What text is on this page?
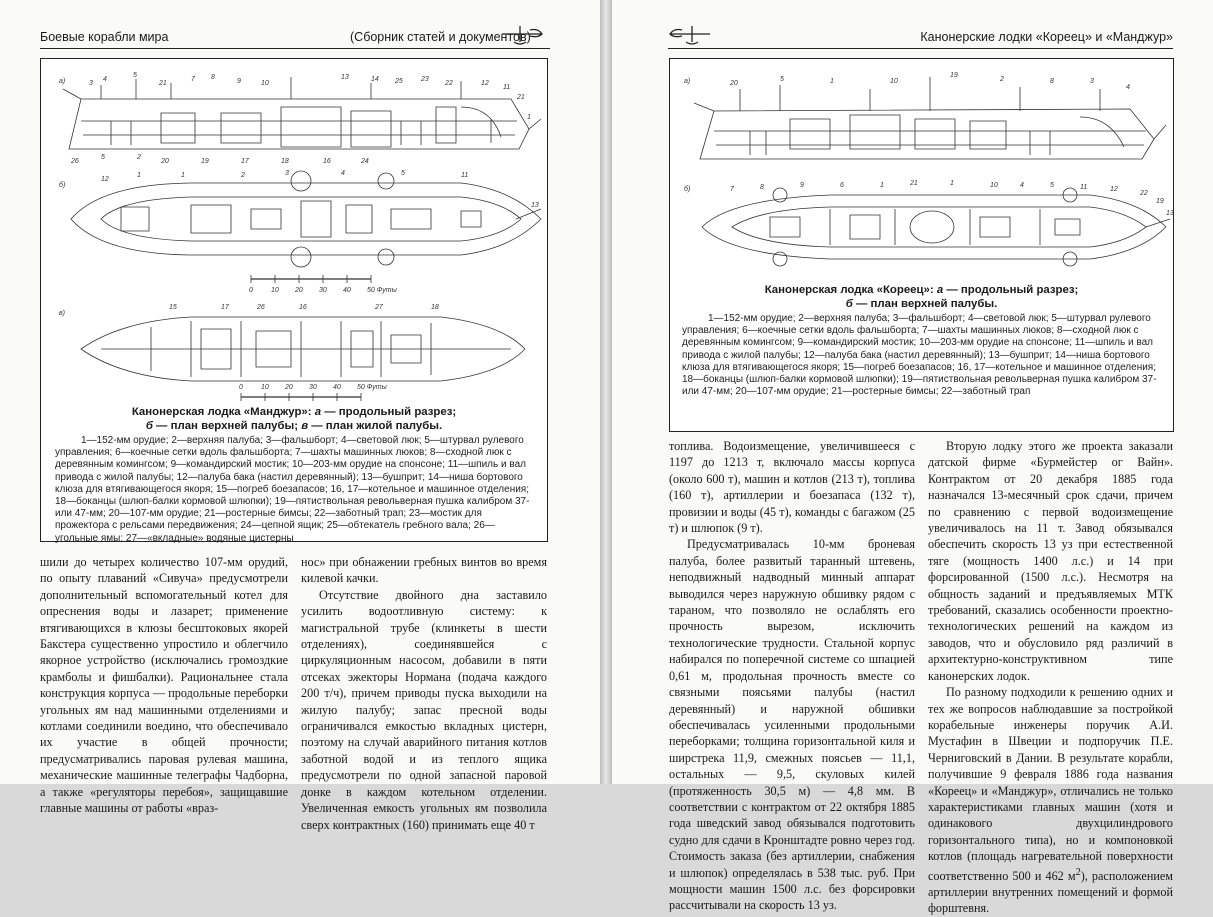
Боевые корабли мира	(Сборник статей и документов)
а)
б)
в)
0	10 20 30 40 50 Футы
0	10 20 30 40 50 Футы
3
4
5
21
7 8
9	10
13	14 25	23
22
17	16	24
18
19
20
26
12
11
21
5	2
1
12
1	1	2	3	4	5	11
13
15	17	26	16	27	18
Канонерская лодка «Манджур»: а — продольный разрез;
б — план верхней палубы; в — план жилой палубы.
1—152-мм орудие; 2—верхняя палуба; 3—фальшборт; 4—световой люк; 5—штурвал рулевого управления; 6—коечные сетки вдоль фальшборта; 7—шахты машинных люков; 8—сходной люк с деревянным комингсом; 9—командирский мостик; 10—203-мм орудие на спонсоне; 11—шпиль и вал привода с жилой палубы; 12—палуба бака (настил деревянный); 13—бушприт; 14—ниша бортового клюза для втягивающегося якоря; 15—погреб боезапасов; 16, 17—котельное и машинное отделения; 18—боканцы (шлюп-балки кормовой шлюпки); 19—пятиствольная револьверная пушка калибром 37- или 47-мм; 20—107-мм орудие; 21—ростерные бимсы; 22—заботный трап; 23—мостик для прожектора с рельсами передвижения; 24—цепной ящик; 25—обтекатель гребного вала; 26—угольные ямы; 27—«вкладные» водяные цистерны

шили до четырех количество 107-мм орудий, по опыту плаваний «Сивуча» предусмотрели дополнительный вспомогательный котел для опреснения воды и лазарет; применение втягивающихся в клюзы бесштоковых якорей Бакстера существенно упростило и облегчило якорное устройство (исключались громоздкие крамболы и фишбалки). Рациональнее стала конструкция корпуса — продольные переборки угольных ям над машинными отделениями и котлами соединили воедино, что обеспечивало их участие в общей прочности; предусматривались паровая рулевая машина, механические машинные телеграфы Чадборна, а также «регуляторы перебоя», защищавшие главные машины от работы «враз-

нос» при обнажении гребных винтов во время килевой качки.

Отсутствие двойного дна заставило усилить водоотливную систему: к магистральной трубе (клинкеты в шести отделениях), соединявшейся с циркуляционным насосом, добавили в пяти отсеках эжекторы Нормана (подача каждого 200 т/ч), причем приводы пуска выходили на жилую палубу; запас пресной воды ограничивался емкостью вкладных цистерн, поэтому на случай аварийного питания котлов заботной водой и из теплого ящика предусмотрели по одной запасной паровой донке в каждом котельном отделении. Увеличенная емкость угольных ям позволила сверх контрактных (160) принимать еще 40 т

Канонерские лодки «Кореец» и «Манджур»
а)
б)
20
5	1	10
19
2	8	3
4
7	8	9	6	1	21	1	10	4	5	11	12
22
19
13
Канонерская лодка «Кореец»: а — продольный разрез;
б — план верхней палубы.
1—152-мм орудие; 2—верхняя палуба; 3—фальшборт; 4—световой люк; 5—штурвал рулевого управления; 6—коечные сетки вдоль фальшборта; 7—шахты машинных люков; 8—сходной люк с деревянным комингсом; 9—командирский мостик; 10—203-мм орудие на спонсоне; 11—шпиль и вал привода с жилой палубы; 12—палуба бака (настил деревянный); 13—бушприт; 14—ниша бортового клюза для втягивающегося якоря; 15—погреб боезапасов; 16, 17—котельное и машинное отделения; 18—боканцы (шлюп-балки кормовой шлюпки); 19—пятиствольная револьверная пушка калибром 37- или 47-мм; 20—107-мм орудие; 21—ростерные бимсы; 22—заботный трап

топлива. Водоизмещение, увеличившееся с 1197 до 1213 т, включало массы корпуса (около 600 т), машин и котлов (213 т), топлива (160 т), артиллерии и боезапаса (132 т), провизии и воды (45 т), команды с багажом (25 т) и шлюпок (9 т).

Предусматривалась 10-мм броневая палуба, более развитый таранный штевень, неподвижный надводный минный аппарат выводился через наружную обшивку рядом с тараном, что позволяло не ослаблять его прочность вырезом, исключить технологические трудности. Стальной корпус набирался по поперечной системе со шпацией 0,61 м, продольная прочность вместе со связными поясьями палубы (настил деревянный) и наружной обшивки обеспечивалась усиленными продольными переборками; толщина горизонтальной киля и ширстрека 11,9, смежных поясьев — 11,1, остальных — 9,5, скуловых килей (протяженность 30,5 м) — 4,8 мм. В соответствии с контрактом от 22 октября 1885 года шведский завод обязывался подготовить судно для сдачи в Кронштадте ровно через год. Стоимость заказа (без артиллерии, снабжения и шлюпок) определялась в 538 тыс. руб. При мощности машин 1500 л.с. без форсировки рассчитывали на скорость 13 уз.

Вторую лодку этого же проекта заказали датской фирме «Бурмейстер ог Вайн». Контрактом от 20 декабря 1885 года назначался 13-месячный срок сдачи, причем по сравнению с первой водоизмещение увеличивалось на 11 т. Завод обязывался обеспечить скорость 13 уз при естественной тяге (мощность 1400 л.с.) и 14 при форсированной (1500 л.с.). Несмотря на общность заданий и предъявляемых МТК требований, сказались особенности проектно-технологических решений на каждом из заводов, что и обусловило ряд различий в архитектурно-конструктивном типе канонерских лодок.

По разному подходили к решению одних и тех же вопросов наблюдавшие за постройкой корабельные инженеры поручик А.И. Мустафин в Швеции и подпоручик П.Е. Черниговский в Дании. В результате корабли, получившие 9 февраля 1886 года названия «Кореец» и «Манджур», отличались не только характеристиками главных машин (хотя и одинакового двухцилиндрового горизонтального типа), но и компоновкой котлов (площадь нагревательной поверхности соответственно 500 и 462 $м^2$), расположением артиллерии внутренних помещений и формой форштевня.
